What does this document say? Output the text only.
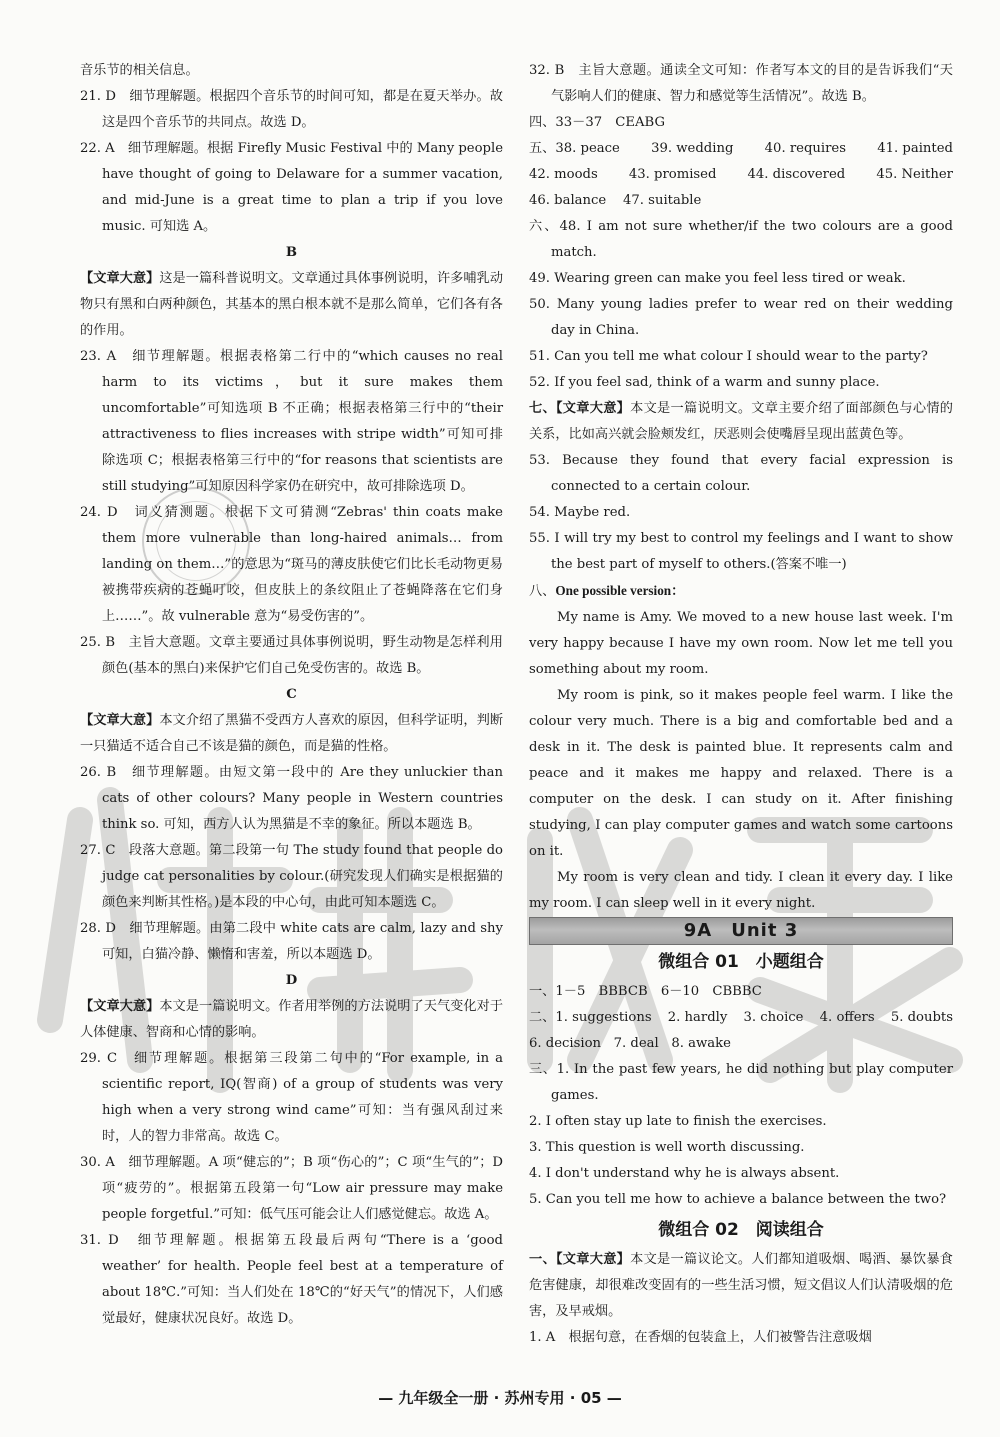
音乐节的相关信息。
21. D　细节理解题。根据四个音乐节的时间可知，都是在夏天举办。故这是四个音乐节的共同点。故选 D。
22. A　细节理解题。根据 Firefly Music Festival 中的 Many people have thought of going to Delaware for a summer vacation, and mid-June is a great time to plan a trip if you love music. 可知选 A。
B
【文章大意】这是一篇科普说明文。文章通过具体事例说明，许多哺乳动物只有黑和白两种颜色，其基本的黑白根本就不是那么简单，它们各有各的作用。
23. A　细节理解题。根据表格第二行中的“which causes no real harm to its victims，but it sure makes them uncomfortable”可知选项 B 不正确；根据表格第三行中的“their attractiveness to flies increases with stripe width”可知可排除选项 C；根据表格第三行中的“for reasons that scientists are still studying”可知原因科学家仍在研究中，故可排除选项 D。
24. D　词义猜测题。根据下文可猜测“Zebras' thin coats make them more vulnerable than long-haired animals… from landing on them…”的意思为“斑马的薄皮肤使它们比长毛动物更易被携带疾病的苍蝇叮咬，但皮肤上的条纹阻止了苍蝇降落在它们身上……”。故 vulnerable 意为“易受伤害的”。
25. B　主旨大意题。文章主要通过具体事例说明，野生动物是怎样利用颜色(基本的黑白)来保护它们自己免受伤害的。故选 B。
C
【文章大意】本文介绍了黑猫不受西方人喜欢的原因，但科学证明，判断一只猫适不适合自己不该是猫的颜色，而是猫的性格。
26. B　细节理解题。由短文第一段中的 Are they unluckier than cats of other colours? Many people in Western countries think so. 可知，西方人认为黑猫是不幸的象征。所以本题选 B。
27. C　段落大意题。第二段第一句 The study found that people do judge cat personalities by colour.(研究发现人们确实是根据猫的颜色来判断其性格。)是本段的中心句，由此可知本题选 C。
28. D　细节理解题。由第二段中 white cats are calm, lazy and shy 可知，白猫冷静、懒惰和害羞，所以本题选 D。
D
【文章大意】本文是一篇说明文。作者用举例的方法说明了天气变化对于人体健康、智商和心情的影响。
29. C　细节理解题。根据第三段第二句中的“For example, in a scientific report, IQ(智商) of a group of students was very high when a very strong wind came”可知：当有强风刮过来时，人的智力非常高。故选 C。
30. A　细节理解题。A 项“健忘的”；B 项“伤心的”；C 项“生气的”；D 项“疲劳的”。根据第五段第一句“Low air pressure may make people forgetful.”可知：低气压可能会让人们感觉健忘。故选 A。
31. D　细节理解题。根据第五段最后两句“There is a ‘good weather’ for health. People feel best at a temperature of about 18℃.”可知：当人们处在 18℃的“好天气”的情况下，人们感觉最好，健康状况良好。故选 D。
32. B　主旨大意题。通读全文可知：作者写本文的目的是告诉我们“天气影响人们的健康、智力和感觉等生活情况”。故选 B。
四、33－37　CEABG
五、38. peace 39. wedding 40. requires 41. painted
42. moods 43. promised 44. discovered 45. Neither
46. balance 47. suitable
六、48. I am not sure whether/if the two colours are a good match.
49. Wearing green can make you feel less tired or weak.
50. Many young ladies prefer to wear red on their wedding day in China.
51. Can you tell me what colour I should wear to the party?
52. If you feel sad, think of a warm and sunny place.
七、【文章大意】本文是一篇说明文。文章主要介绍了面部颜色与心情的关系，比如高兴就会脸颊发红，厌恶则会使嘴唇呈现出蓝黄色等。
53. Because they found that every facial expression is connected to a certain colour.
54. Maybe red.
55. I will try my best to control my feelings and I want to show the best part of myself to others.(答案不唯一)
八、One possible version：
My name is Amy. We moved to a new house last week. I'm very happy because I have my own room. Now let me tell you something about my room.
My room is pink, so it makes people feel warm. I like the colour very much. There is a big and comfortable bed and a desk in it. The desk is painted blue. It represents calm and peace and it makes me happy and relaxed. There is a computer on the desk. I can study on it. After finishing studying, I can play computer games and watch some cartoons on it.
My room is very clean and tidy. I clean it every day. I like my room. I can sleep well in it every night.
9A　Unit 3
微组合 01　小题组合
一、1－5　BBBCB　6－10　CBBBC
二、1. suggestions 2. hardly 3. choice 4. offers 5. doubts
6. decision 7. deal 8. awake
三、1. In the past few years, he did nothing but play computer games.
2. I often stay up late to finish the exercises.
3. This question is well worth discussing.
4. I don't understand why he is always absent.
5. Can you tell me how to achieve a balance between the two?
微组合 02　阅读组合
一、【文章大意】本文是一篇议论文。人们都知道吸烟、喝酒、暴饮暴食危害健康，却很难改变固有的一些生活习惯，短文倡议人们认清吸烟的危害，及早戒烟。
1. A　根据句意，在香烟的包装盒上，人们被警告注意吸烟
— 九年级全一册 · 苏州专用 · 05 —
